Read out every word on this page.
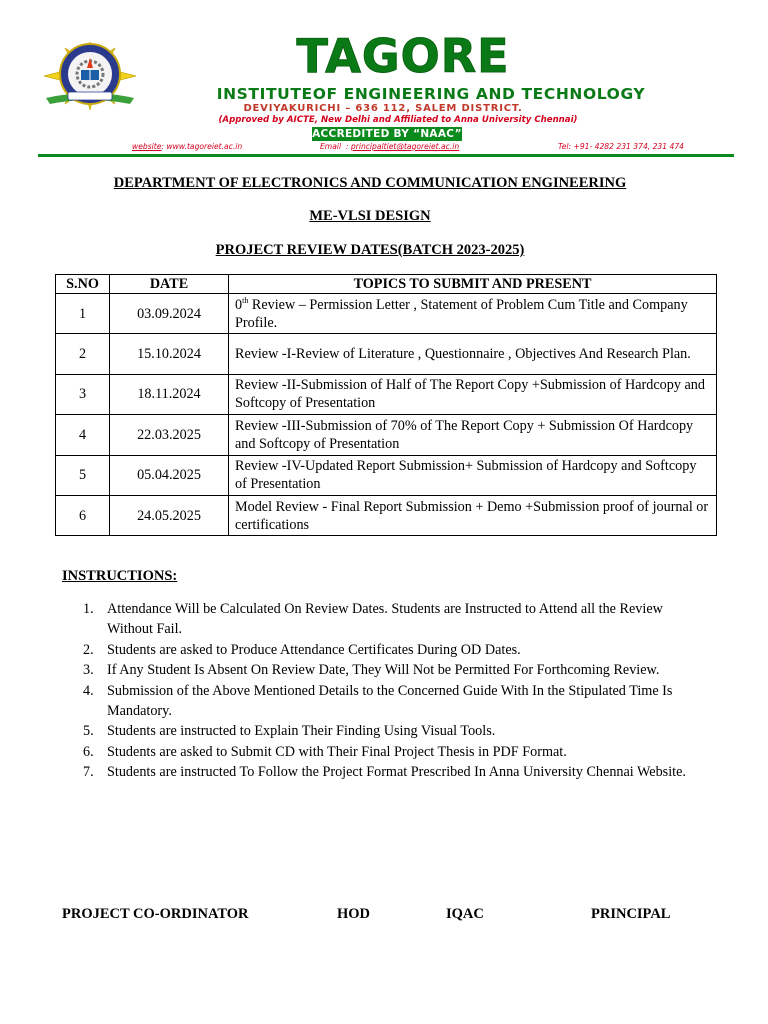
TAGORE
INSTITUTEOF ENGINEERING AND TECHNOLOGY
DEVIYAKURICHI – 636 112, SALEM DISTRICT.
(Approved by AICTE, New Delhi and Affiliated to Anna University Chennai)
ACCREDITED BY “NAAC”
website: www.tagoreiet.ac.in	Email  : principaltiet@tagoreiet.ac.in	Tel: +91- 4282 231 374, 231 474
DEPARTMENT OF ELECTRONICS AND COMMUNICATION ENGINEERING
ME-VLSI DESIGN
PROJECT REVIEW DATES(BATCH 2023-2025)
S.NO	DATE	TOPICS TO SUBMIT AND PRESENT
1	03.09.2024	0th Review – Permission Letter , Statement of Problem Cum Title and Company Profile.
2	15.10.2024	Review -I-Review of Literature , Questionnaire , Objectives And Research Plan.
3	18.11.2024	Review -II-Submission of Half of The Report Copy +Submission of Hardcopy and Softcopy of Presentation
4	22.03.2025	Review -III-Submission of 70% of The Report Copy + Submission Of Hardcopy and Softcopy of Presentation
5	05.04.2025	Review -IV-Updated Report Submission+ Submission of Hardcopy and Softcopy of Presentation
6	24.05.2025	Model Review - Final Report Submission + Demo +Submission proof of journal or certifications
INSTRUCTIONS:
1. Attendance Will be Calculated On Review Dates. Students are Instructed to Attend all the Review Without Fail.
2. Students are asked to Produce Attendance Certificates During OD Dates.
3. If Any Student Is Absent On Review Date, They Will Not be Permitted For Forthcoming Review.
4. Submission of the Above Mentioned Details to the Concerned Guide With In the Stipulated Time Is Mandatory.
5. Students are instructed to Explain Their Finding Using Visual Tools.
6. Students are asked to Submit CD with Their Final Project Thesis in PDF Format.
7. Students are instructed To Follow the Project Format Prescribed In Anna University Chennai Website.
PROJECT CO-ORDINATOR	HOD	IQAC	PRINCIPAL
